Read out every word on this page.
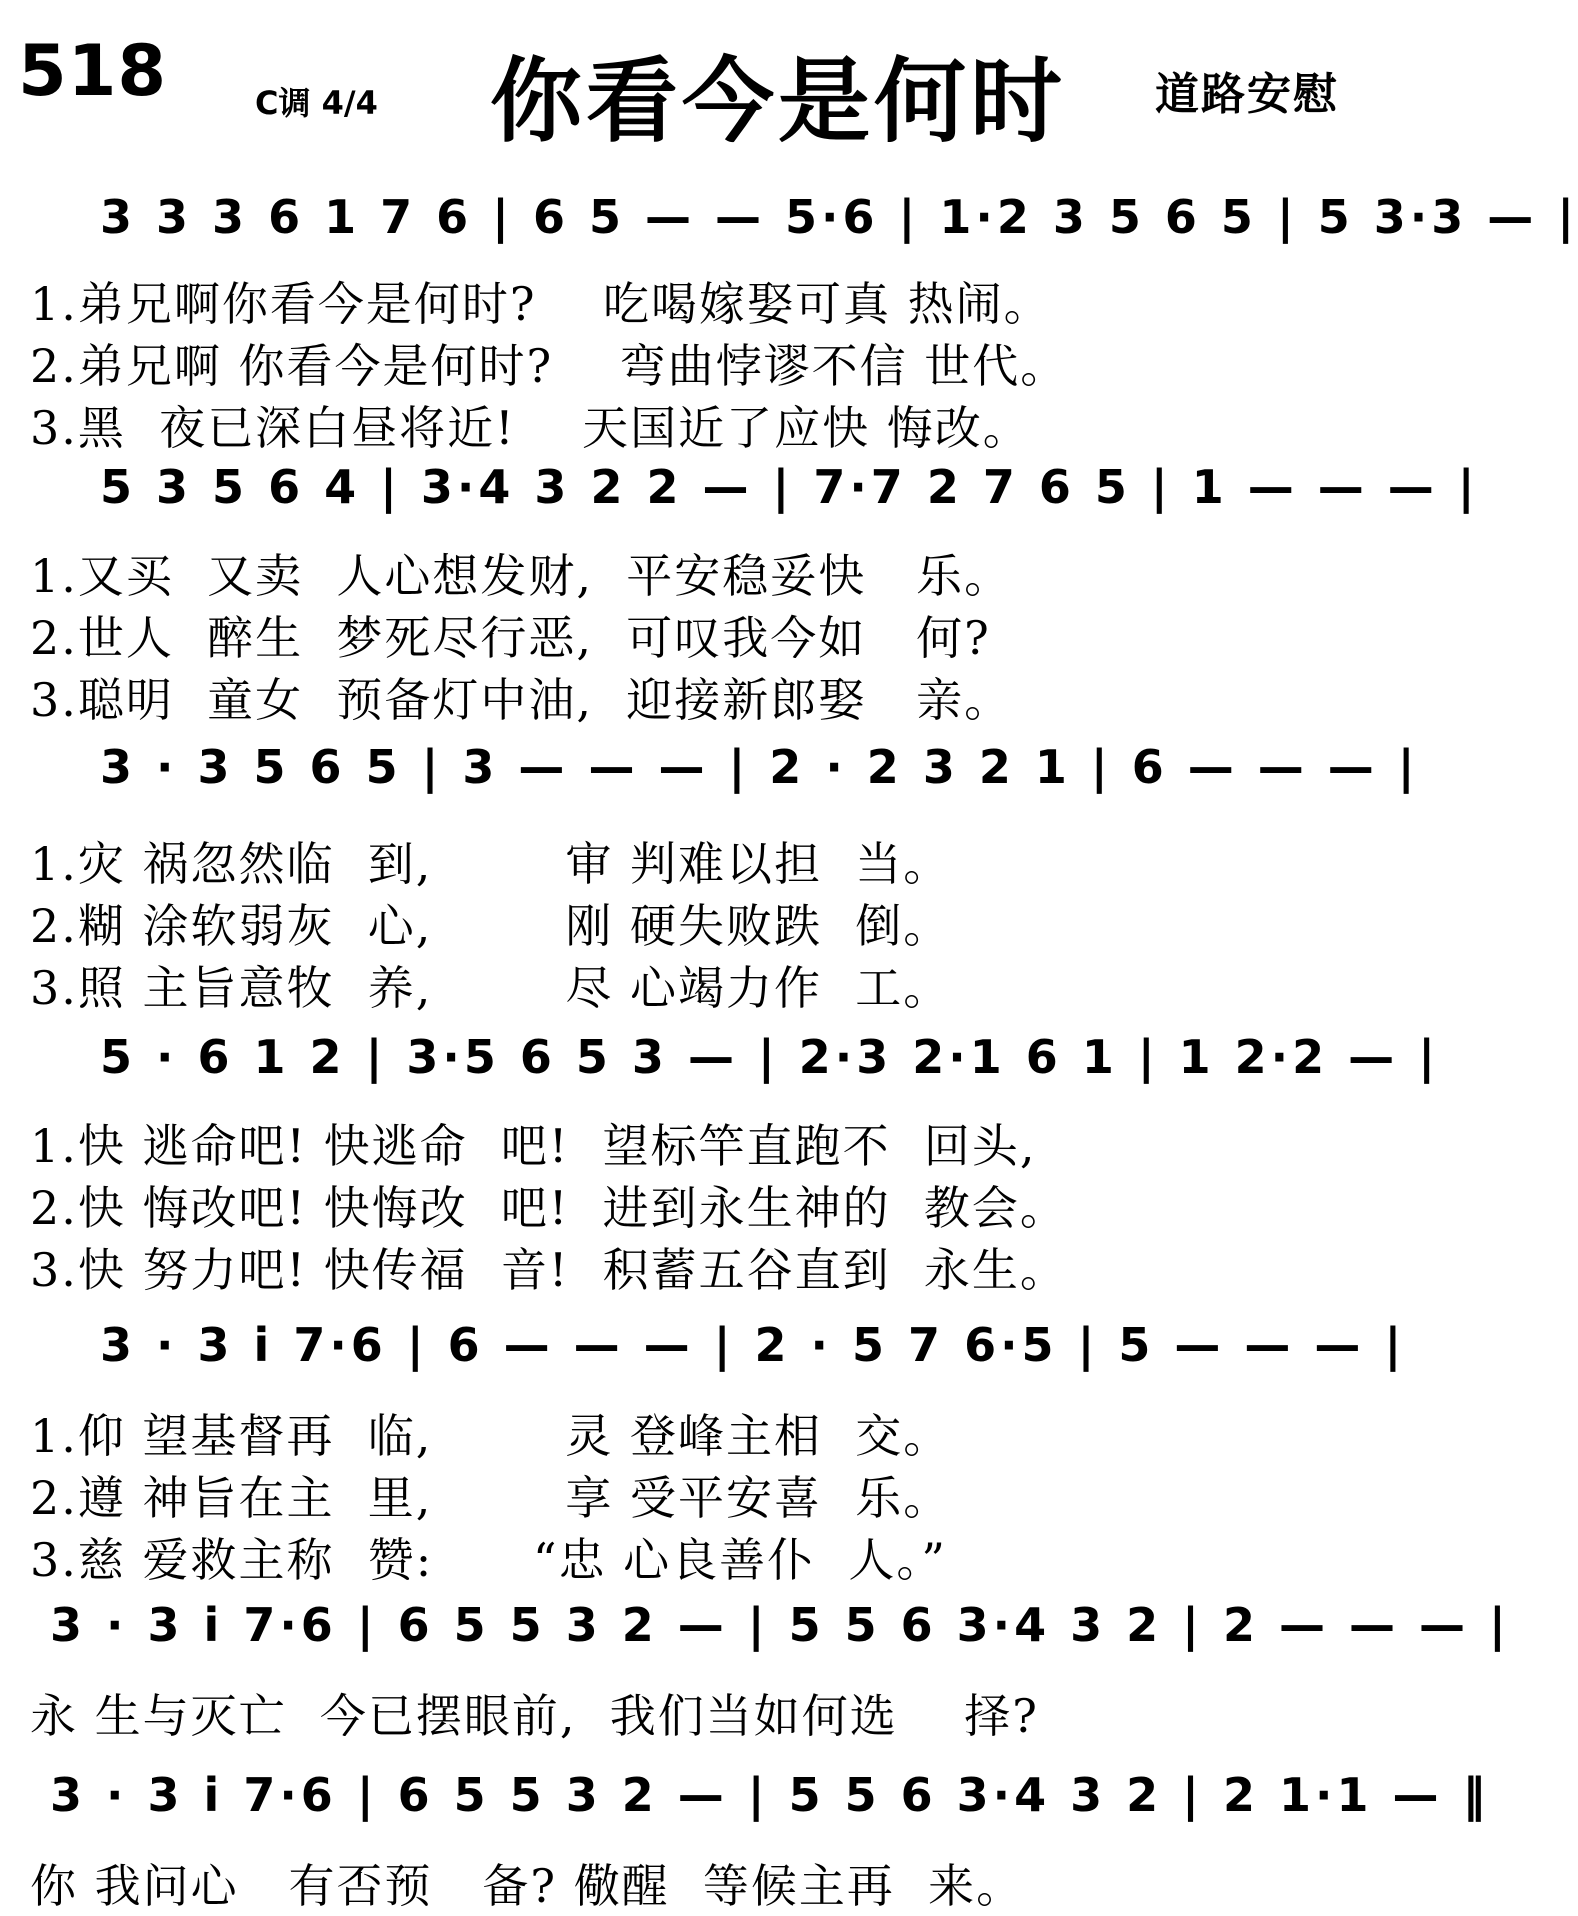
518	C调 4/4 你看今是何时 道路安慰
3 3 3 6 1 7 6 | 6 5 — — 5·6 | 1·2 3 5 6 5 | 5 3·3 — |
1.弟兄啊你看今是何时?    吃喝嫁娶可真 热闹。
2.弟兄啊 你看今是何时?    弯曲悖谬不信 世代。
3.黑  夜已深白昼将近!    天国近了应快 悔改。
5 3 5 6 4 | 3·4 3 2 2 — | 7·7 2 7 6 5 | 1 — — — |
1.又买  又卖  人心想发财,  平安稳妥快   乐。
2.世人  醉生  梦死尽行恶,  可叹我今如   何?
3.聪明  童女  预备灯中油,  迎接新郎娶   亲。
3 · 3 5 6 5 | 3 — — — | 2 · 2 3 2 1 | 6 — — — |
1.灾 祸忽然临  到,        审 判难以担  当。
2.糊 涂软弱灰  心,        刚 硬失败跌  倒。
3.照 主旨意牧  养,        尽 心竭力作  工。
5 · 6 1 2 | 3·5 6 5 3 — | 2·3 2·1 6 1 | 1 2·2 — |
1.快 逃命吧! 快逃命  吧!  望标竿直跑不  回头,
2.快 悔改吧! 快悔改  吧!  进到永生神的  教会。
3.快 努力吧! 快传福  音!  积蓄五谷直到  永生。
3 · 3 i 7·6 | 6 — — — | 2 · 5 7 6·5 | 5 — — — |
1.仰 望基督再  临,        灵 登峰主相  交。
2.遵 神旨在主  里,        享 受平安喜  乐。
3.慈 爱救主称  赞:      “忠 心良善仆  人。”
3 · 3 i 7·6 | 6 5 5 3 2 — | 5 5 6 3·4 3 2 | 2 — — — |
永 生与灭亡  今已摆眼前,  我们当如何选    择?
3 · 3 i 7·6 | 6 5 5 3 2 — | 5 5 6 3·4 3 2 | 2 1·1 — ‖
你 我问心   有否预   备? 儆醒  等候主再  来。
